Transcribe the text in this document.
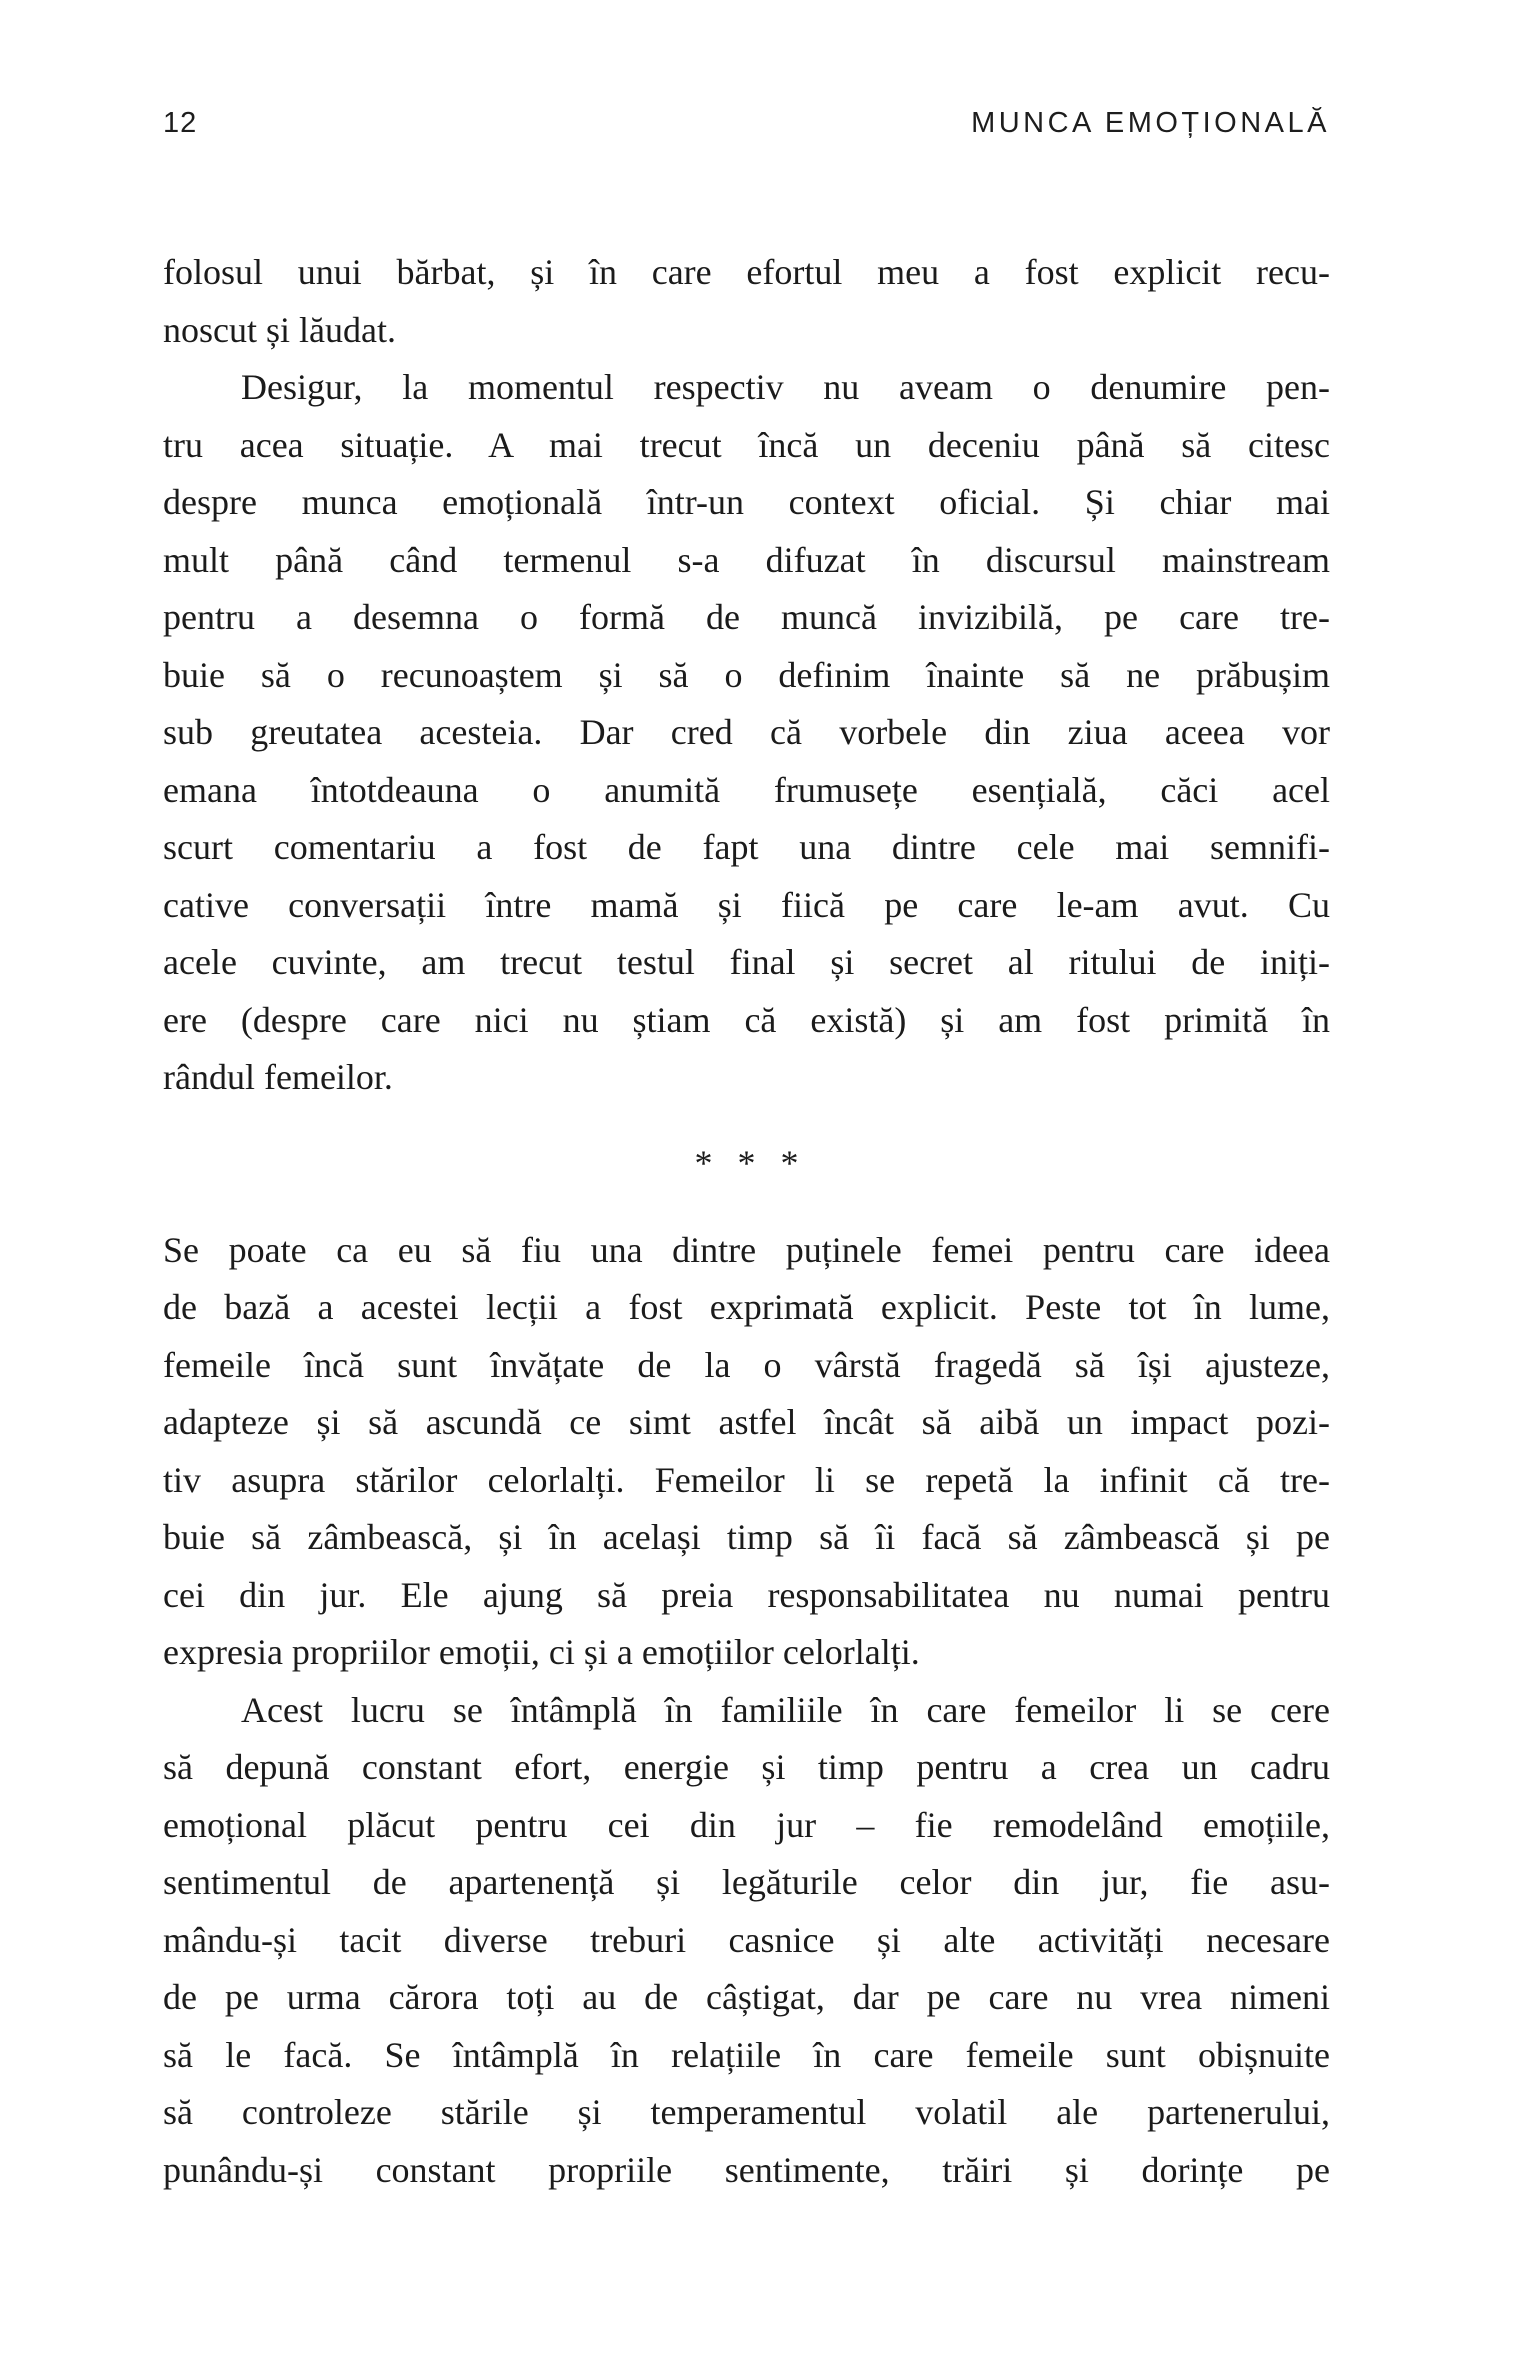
12	MUNCA EMOȚIONALĂ
folosul unui bărbat, și în care efortul meu a fost explicit recu-
noscut și lăudat.
Desigur, la momentul respectiv nu aveam o denumire pen-
tru acea situație. A mai trecut încă un deceniu până să citesc
despre munca emoțională într-un context oficial. Și chiar mai
mult până când termenul s-a difuzat în discursul mainstream
pentru a desemna o formă de muncă invizibilă, pe care tre-
buie să o recunoaștem și să o definim înainte să ne prăbușim
sub greutatea acesteia. Dar cred că vorbele din ziua aceea vor
emana întotdeauna o anumită frumusețe esențială, căci acel
scurt comentariu a fost de fapt una dintre cele mai semnifi-
cative conversații între mamă și fiică pe care le-am avut. Cu
acele cuvinte, am trecut testul final și secret al ritului de iniți-
ere (despre care nici nu știam că există) și am fost primită în
rândul femeilor.
* * *
Se poate ca eu să fiu una dintre puținele femei pentru care ideea
de bază a acestei lecții a fost exprimată explicit. Peste tot în lume,
femeile încă sunt învățate de la o vârstă fragedă să își ajusteze,
adapteze și să ascundă ce simt astfel încât să aibă un impact pozi-
tiv asupra stărilor celorlalți. Femeilor li se repetă la infinit că tre-
buie să zâmbească, și în același timp să îi facă să zâmbească și pe
cei din jur. Ele ajung să preia responsabilitatea nu numai pentru
expresia propriilor emoții, ci și a emoțiilor celorlalți.
Acest lucru se întâmplă în familiile în care femeilor li se cere
să depună constant efort, energie și timp pentru a crea un cadru
emoțional plăcut pentru cei din jur – fie remodelând emoțiile,
sentimentul de apartenență și legăturile celor din jur, fie asu-
mându-și tacit diverse treburi casnice și alte activități necesare
de pe urma cărora toți au de câștigat, dar pe care nu vrea nimeni
să le facă. Se întâmplă în relațiile în care femeile sunt obișnuite
să controleze stările și temperamentul volatil ale partenerului,
punându-și constant propriile sentimente, trăiri și dorințe pe
